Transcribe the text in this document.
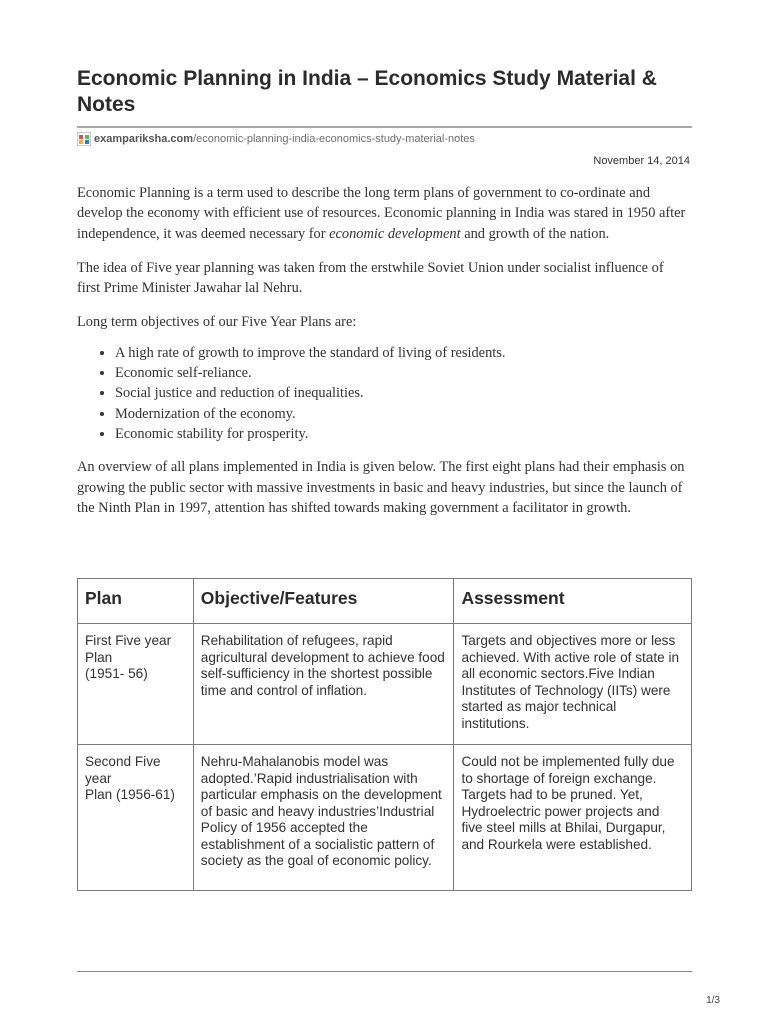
Economic Planning in India – Economics Study Material & Notes
exampariksha.com /economic-planning-india-economics-study-material-notes
November 14, 2014

Economic Planning is a term used to describe the long term plans of government to co-ordinate and develop the economy with efficient use of resources. Economic planning in India was stared in 1950 after independence, it was deemed necessary for economic development and growth of the nation.

The idea of Five year planning was taken from the erstwhile Soviet Union under socialist influence of first Prime Minister Jawahar lal Nehru.

Long term objectives of our Five Year Plans are:

• A high rate of growth to improve the standard of living of residents.
• Economic self-reliance.
• Social justice and reduction of inequalities.
• Modernization of the economy.
• Economic stability for prosperity.

An overview of all plans implemented in India is given below. The first eight plans had their emphasis on growing the public sector with massive investments in basic and heavy industries, but since the launch of the Ninth Plan in 1997, attention has shifted towards making government a facilitator in growth.

Plan	Objective/Features	Assessment
First Five year Plan
(1951- 56)	Rehabilitation of refugees, rapid agricultural development to achieve food self-sufficiency in the shortest possible time and control of inflation.	Targets and objectives more or less achieved. With active role of state in all economic sectors.Five Indian Institutes of Technology (IITs) were started as major technical institutions.
Second Five year
Plan (1956-61)	Nehru-Mahalanobis model was adopted.’Rapid industrialisation with particular emphasis on the development of basic and heavy industries’Industrial Policy of 1956 accepted the establishment of a socialistic pattern of society as the goal of economic policy.	Could not be implemented fully due to shortage of foreign exchange. Targets had to be pruned. Yet, Hydroelectric power projects and five steel mills at Bhilai, Durgapur, and Rourkela were established.
1/3
